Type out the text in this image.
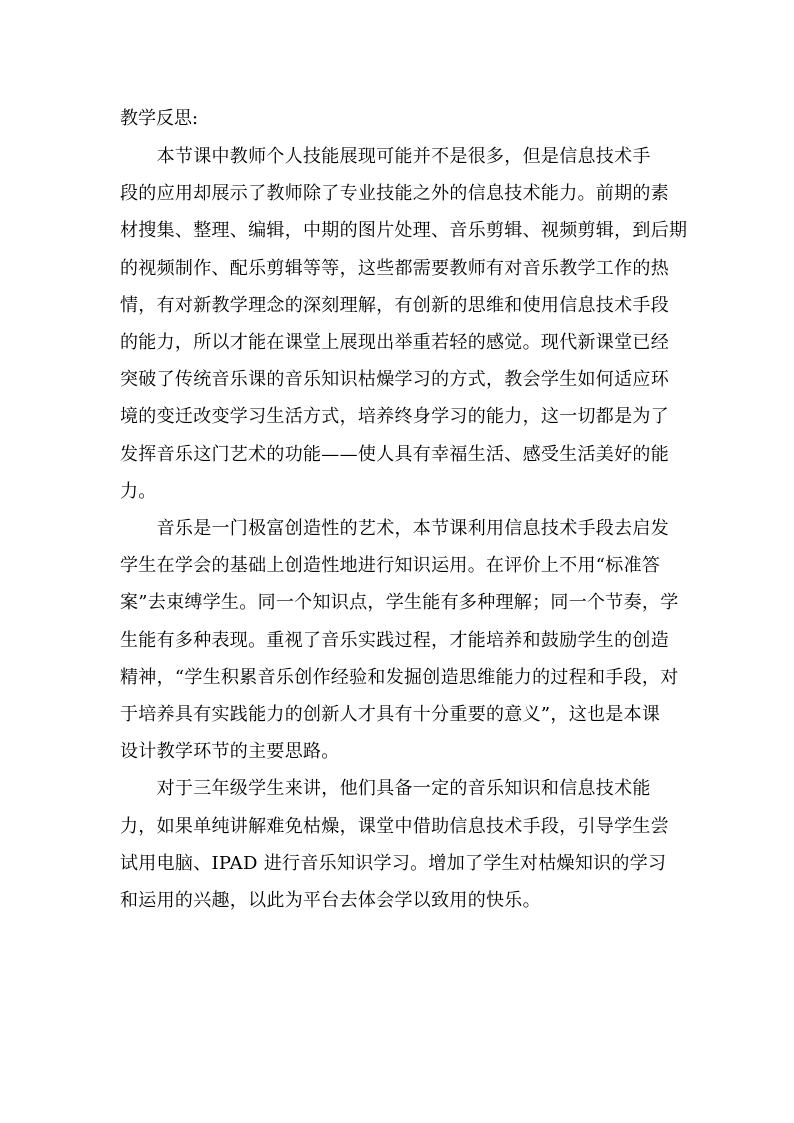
教学反思:

　　本节课中教师个人技能展现可能并不是很多，但是信息技术手

段的应用却展示了教师除了专业技能之外的信息技术能力。前期的素

材搜集、整理、编辑，中期的图片处理、音乐剪辑、视频剪辑，到后期

的视频制作、配乐剪辑等等，这些都需要教师有对音乐教学工作的热

情，有对新教学理念的深刻理解，有创新的思维和使用信息技术手段

的能力，所以才能在课堂上展现出举重若轻的感觉。现代新课堂已经

突破了传统音乐课的音乐知识枯燥学习的方式，教会学生如何适应环

境的变迁改变学习生活方式，培养终身学习的能力，这一切都是为了

发挥音乐这门艺术的功能——使人具有幸福生活、感受生活美好的能

力。

　　音乐是一门极富创造性的艺术，本节课利用信息技术手段去启发

学生在学会的基础上创造性地进行知识运用。在评价上不用“标准答

案”去束缚学生。同一个知识点，学生能有多种理解；同一个节奏，学

生能有多种表现。重视了音乐实践过程，才能培养和鼓励学生的创造

精神，“学生积累音乐创作经验和发掘创造思维能力的过程和手段，对

于培养具有实践能力的创新人才具有十分重要的意义”，这也是本课

设计教学环节的主要思路。

　　对于三年级学生来讲，他们具备一定的音乐知识和信息技术能

力，如果单纯讲解难免枯燥，课堂中借助信息技术手段，引导学生尝

试用电脑、IPAD 进行音乐知识学习。增加了学生对枯燥知识的学习

和运用的兴趣，以此为平台去体会学以致用的快乐。
